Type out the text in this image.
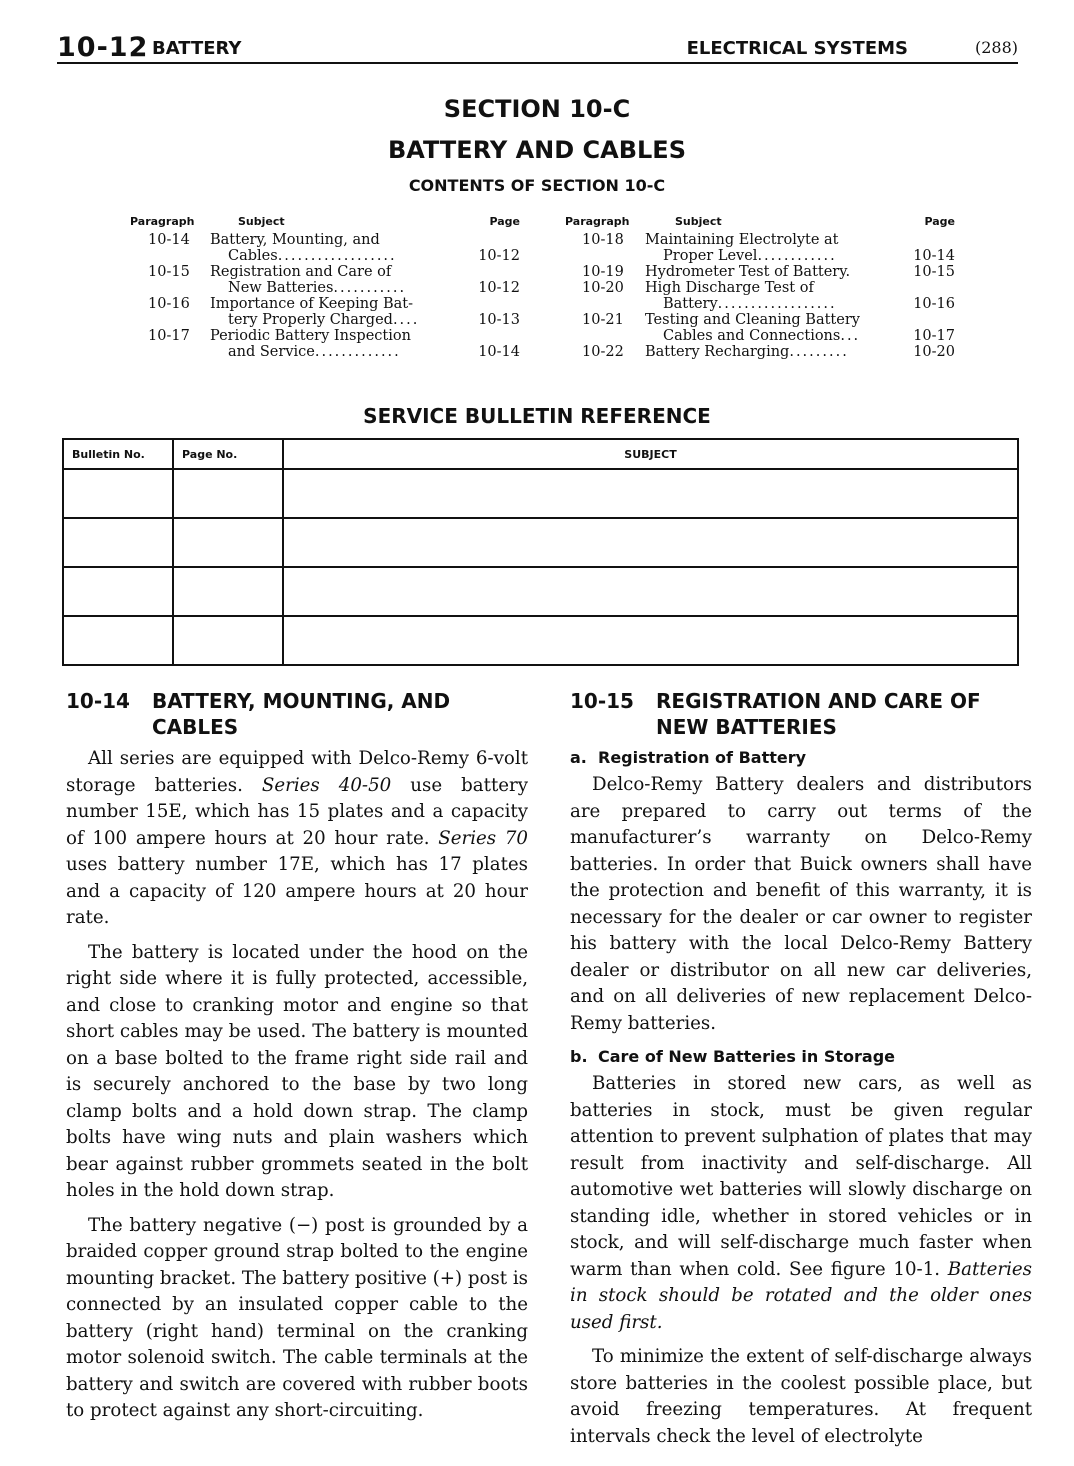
10-12 BATTERY	ELECTRICAL SYSTEMS	(288)
SECTION 10-C
BATTERY AND CABLES
CONTENTS OF SECTION 10-C
Paragraph	Subject	Page
10-14 Battery, Mounting, and
Cables..................	10-12
10-15 Registration and Care of
New Batteries...........	10-12
10-16 Importance of Keeping Bat-
tery Properly Charged....	10-13
10-17 Periodic Battery Inspection
and Service.............	10-14
Paragraph	Subject	Page
10-18 Maintaining Electrolyte at
Proper Level............	10-14
10-19 Hydrometer Test of Battery.	10-15
10-20 High Discharge Test of
Battery..................	10-16
10-21 Testing and Cleaning Battery
Cables and Connections...	10-17
10-22 Battery Recharging.........	10-20
SERVICE BULLETIN REFERENCE
Bulletin No.	Page No.	SUBJECT

10-14 BATTERY, MOUNTING, AND
CABLES

All series are equipped with Delco-Remy 6-volt storage batteries. Series 40-50 use battery number 15E, which has 15 plates and a capacity of 100 ampere hours at 20 hour rate. Series 70 uses battery number 17E, which has 17 plates and a capacity of 120 ampere hours at 20 hour rate.

The battery is located under the hood on the right side where it is fully protected, accessible, and close to cranking motor and engine so that short cables may be used. The battery is mounted on a base bolted to the frame right side rail and is securely anchored to the base by two long clamp bolts and a hold down strap. The clamp bolts have wing nuts and plain washers which bear against rubber grommets seated in the bolt holes in the hold down strap.

The battery negative (−) post is grounded by a braided copper ground strap bolted to the engine mounting bracket. The battery positive (+) post is connected by an insulated copper cable to the battery (right hand) terminal on the cranking motor solenoid switch. The cable terminals at the battery and switch are covered with rubber boots to protect against any short-circuiting.

10-15 REGISTRATION AND CARE OF
NEW BATTERIES
a. Registration of Battery

Delco-Remy Battery dealers and distributors are prepared to carry out terms of the manufacturer’s warranty on Delco-Remy batteries. In order that Buick owners shall have the protection and benefit of this warranty, it is necessary for the dealer or car owner to register his battery with the local Delco-Remy Battery dealer or distributor on all new car deliveries, and on all deliveries of new replacement Delco-Remy batteries.

b. Care of New Batteries in Storage

Batteries in stored new cars, as well as batteries in stock, must be given regular attention to prevent sulphation of plates that may result from inactivity and self-discharge. All automotive wet batteries will slowly discharge on standing idle, whether in stored vehicles or in stock, and will self-discharge much faster when warm than when cold. See figure 10-1. Batteries in stock should be rotated and the older ones used first.

To minimize the extent of self-discharge always store batteries in the coolest possible place, but avoid freezing temperatures. At frequent intervals check the level of electrolyte
